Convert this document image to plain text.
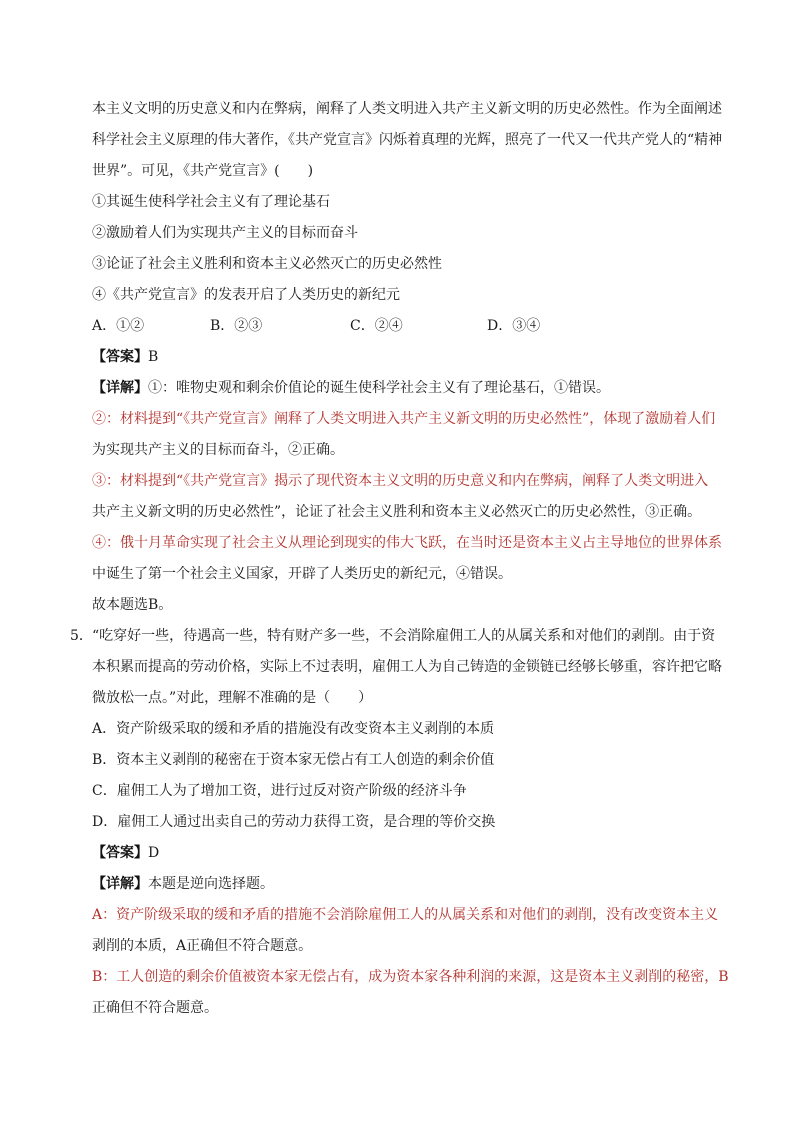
本主义文明的历史意义和内在弊病，阐释了人类文明进入共产主义新文明的历史必然性。作为全面阐述
科学社会主义原理的伟大著作，《共产党宣言》闪烁着真理的光辉，照亮了一代又一代共产党人的“精神
世界”。可见，《共产党宣言》(　　)
①其诞生使科学社会主义有了理论基石
②激励着人们为实现共产主义的目标而奋斗
③论证了社会主义胜利和资本主义必然灭亡的历史必然性
④《共产党宣言》的发表开启了人类历史的新纪元
A．①②	B．②③	C．②④	D．③④
【答案】B
【详解】①：唯物史观和剩余价值论的诞生使科学社会主义有了理论基石，①错误。
②：材料提到“《共产党宣言》阐释了人类文明进入共产主义新文明的历史必然性”，体现了激励着人们
为实现共产主义的目标而奋斗，②正确。
③：材料提到“《共产党宣言》揭示了现代资本主义文明的历史意义和内在弊病，阐释了人类文明进入
共产主义新文明的历史必然性”，论证了社会主义胜利和资本主义必然灭亡的历史必然性，③正确。
④：俄十月革命实现了社会主义从理论到现实的伟大飞跃，在当时还是资本主义占主导地位的世界体系
中诞生了第一个社会主义国家，开辟了人类历史的新纪元，④错误。
故本题选B。
5． “吃穿好一些，待遇高一些，特有财产多一些，不会消除雇佣工人的从属关系和对他们的剥削。由于资
本积累而提高的劳动价格，实际上不过表明，雇佣工人为自己铸造的金锁链已经够长够重，容许把它略
微放松一点。”对此，理解不准确的是（　　）
A．资产阶级采取的缓和矛盾的措施没有改变资本主义剥削的本质
B．资本主义剥削的秘密在于资本家无偿占有工人创造的剩余价值
C．雇佣工人为了增加工资，进行过反对资产阶级的经济斗争
D．雇佣工人通过出卖自己的劳动力获得工资，是合理的等价交换
【答案】D
【详解】本题是逆向选择题。
A：资产阶级采取的缓和矛盾的措施不会消除雇佣工人的从属关系和对他们的剥削，没有改变资本主义
剥削的本质，A正确但不符合题意。
B：工人创造的剩余价值被资本家无偿占有，成为资本家各种利润的来源，这是资本主义剥削的秘密，B
正确但不符合题意。
